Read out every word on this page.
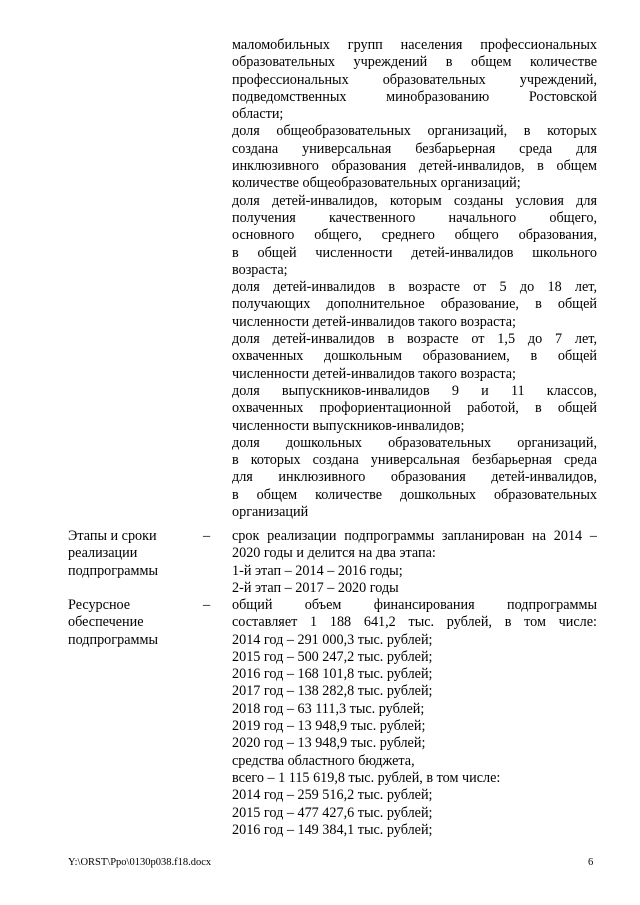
маломобильных групп населения профессиональных
образовательных учреждений в общем количестве
профессиональных образовательных учреждений,
подведомственных минобразованию Ростовской
области;
доля общеобразовательных организаций, в которых
создана универсальная безбарьерная среда для
инклюзивного образования детей-инвалидов, в общем
количестве общеобразовательных организаций;
доля детей-инвалидов, которым созданы условия для
получения качественного начального общего,
основного общего, среднего общего образования,
в общей численности детей-инвалидов школьного
возраста;
доля детей-инвалидов в возрасте от 5 до 18 лет,
получающих дополнительное образование, в общей
численности детей-инвалидов такого возраста;
доля детей-инвалидов в возрасте от 1,5 до 7 лет,
охваченных дошкольным образованием, в общей
численности детей-инвалидов такого возраста;
доля выпускников-инвалидов 9 и 11 классов,
охваченных профориентационной работой, в общей
численности выпускников-инвалидов;
доля дошкольных образовательных организаций,
в которых создана универсальная безбарьерная среда
для инклюзивного образования детей-инвалидов,
в общем количестве дошкольных образовательных
организаций
Этапы и сроки
реализации
подпрограммы
– срок реализации подпрограммы запланирован на 2014 –
2020 годы и делится на два этапа:
1-й этап – 2014 – 2016 годы;
2-й этап – 2017 – 2020 годы
Ресурсное
обеспечение
подпрограммы
– общий объем финансирования подпрограммы
составляет 1 188 641,2 тыс. рублей, в том числе:
2014 год – 291 000,3 тыс. рублей;
2015 год – 500 247,2 тыс. рублей;
2016 год – 168 101,8 тыс. рублей;
2017 год – 138 282,8 тыс. рублей;
2018 год – 63 111,3 тыс. рублей;
2019 год – 13 948,9 тыс. рублей;
2020 год – 13 948,9 тыс. рублей;
средства областного бюджета,
всего – 1 115 619,8 тыс. рублей, в том числе:
2014 год – 259 516,2 тыс. рублей;
2015 год – 477 427,6 тыс. рублей;
2016 год – 149 384,1 тыс. рублей;
Y:\ORST\Ppo\0130p038.f18.docx	6
